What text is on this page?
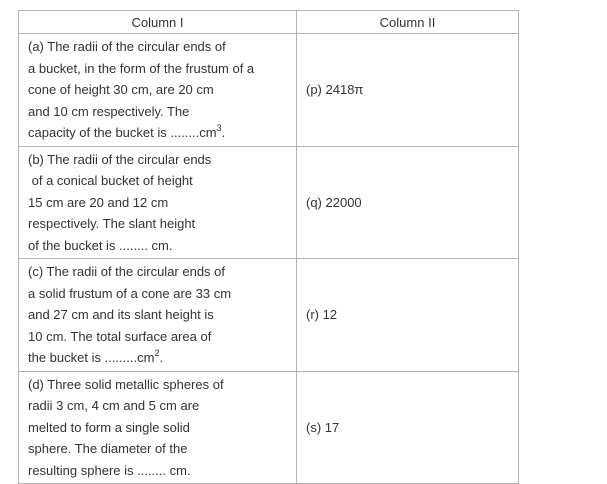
Column I	Column II

(a) The radii of the circular ends of
a bucket, in the form of the frustum of a
cone of height 30 cm, are 20 cm
and 10 cm respectively. The
capacity of the bucket is $........cm^3$.	(p) 2418π

(b) The radii of the circular ends
of a conical bucket of height
15 cm are 20 and 12 cm
respectively. The slant height
of the bucket is ........ cm.	(q) 22000

(c) The radii of the circular ends of
a solid frustum of a cone are 33 cm
and 27 cm and its slant height is
10 cm. The total surface area of
the bucket is $.........cm^2$.	(r) 12

(d) Three solid metallic spheres of
radii 3 cm, 4 cm and 5 cm are
melted to form a single solid
sphere. The diameter of the
resulting sphere is ........ cm.	(s) 17
